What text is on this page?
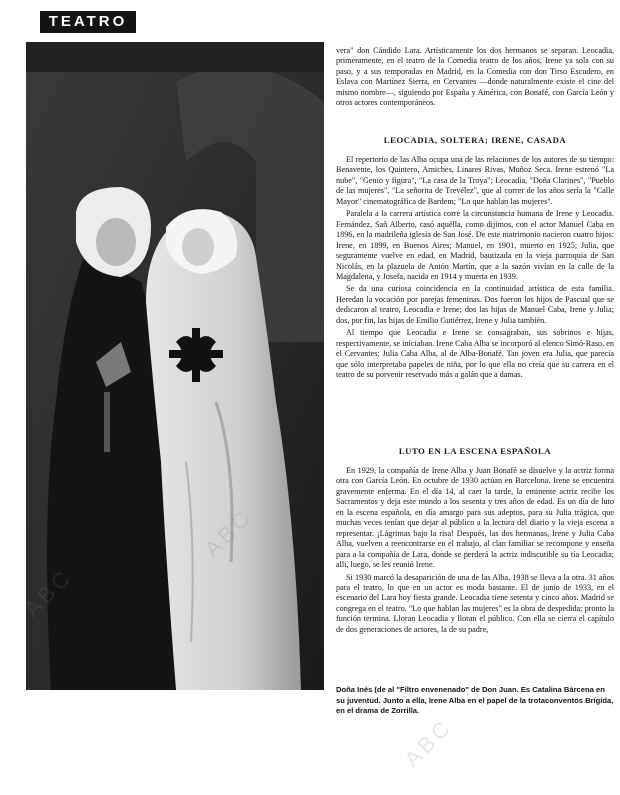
TEATRO

vera" don Cándido Lara. Artísticamente los dos hermanos se separan. Leocadia, primeramente, en el teatro de la Comedia teatro de los años; Irene ya sola con su paso, y a sus temporadas en Madrid, en la Comedia con don Tirso Escudero, en Eslava con Martínez Sierra, en Cervantes —donde naturalmente existe el cine del mismo nombre—, siguiendo por España y América, con Bonafé, con García León y otros actores contemporáneos.

LEOCADIA, SOLTERA; IRENE, CASADA

El repertorio de las Alba ocupa una de las relaciones de los autores de su tiempo: Benavente, los Quintero, Arniches, Linares Rivas, Muñoz Seca. Irene estrenó "La nube", "Genio y figura", "La casa de la Troya"; Leocadia, "Doña Clarines", "Pueblo de las mujeres", "La señorita de Trevélez", que al correr de los años sería la "Calle Mayor" cinematográfica de Bardem; "Lo que hablan las mujeres".

Paralela a la carrera artística corre la circunstancia humana de Irene y Leocadia. Fernández, Sañ Alberto, casó aquélla, como dijimos, con el actor Manuel Caba en 1896, en la madrileña iglesia de San José. De este matrimonio nacieron cuatro hijos: Irene, en 1899, en Buenos Aires; Manuel, en 1901, muerto en 1925; Julia, que seguramente vuelve en edad, en Madrid, bautizada en la vieja parroquia de San Nicolás, en la plazuela de Antón Martín, que a la sazón vivían en la calle de la Magdalena, y Josefa, nacida en 1914 y muerta en 1939.

Se da una curiosa coincidencia en la continuidad artística de esta familia. Heredan la vocación por parejas femeninas. Dos fueron los hijos de Pascual que se dedicaron al teatro, Leocadia e Irene; dos las hijas de Manuel Caba, Irene y Julia; dos, por fin, las hijas de Emilio Gutiérrez, Irene y Julia también.

Al tiempo que Leocadia e Irene se consagraban, sus sobrinos e hijas, respectivamente, se iniciaban. Irene Caba Alba se incorporó al elenco Simó-Raso, en el Cervantes; Julia Caba Alba, al de Alba-Bonafé. Tan joven era Julia, que parecía que sólo interpretaba papeles de niña, por lo que ella no creía que su carrera en el teatro de su porvenir reservado más a galán que a damas.

LUTO EN LA ESCENA ESPAÑOLA

En 1929, la compañía de Irene Alba y Juan Bonafé se disuelve y la actriz forma otra con García León. En octubre de 1930 actúan en Barcelona. Irene se encuentra gravemente enferma. En el día 14, al caer la tarde, la eminente actriz recibe los Sacramentos y deja este mundo a los sesenta y tres años de edad. Es un día de luto en la escena española, en día amargo para sus adeptos, para su Julia trágica, que muchas veces tenían que dejar al público a la lectura del diario y la vieja escena a representar. ¡Lágrimas bajo la risa! Después, las dos hermanas, Irene y Julia Caba Alba, vuelven a reencontrarse en el trabajo, al clan familiar se recompone y enseña para a la compañía de Lara, donde se perderá la actriz indiscutible su tía Leocadia; allí, luego, se les reunió Irene.

Si 1930 marcó la desaparición de una de las Alba, 1938 se lleva a la otra. 31 años para el teatro, lo que en un actor es moda bastante. El de junio de 1933, en el escenario del Lara hoy fiesta grande. Leocadia tiene setenta y cinco años. Madrid se congrega en el teatro. "Lo que hablan las mujeres" es la obra de despedida; pronto la función termina. Lloran Leocadia y lloran el público. Con ella se cierra el capítulo de dos generaciones de actores, la de su padre,

Doña Inés (de al "Filtro envenenado" de Don Juan. Es Catalina Bárcena en su juventud. Junto a ella, Irene Alba en el papel de la trotaconventos Brígida, en el drama de Zorrilla.

ABC
ABC
